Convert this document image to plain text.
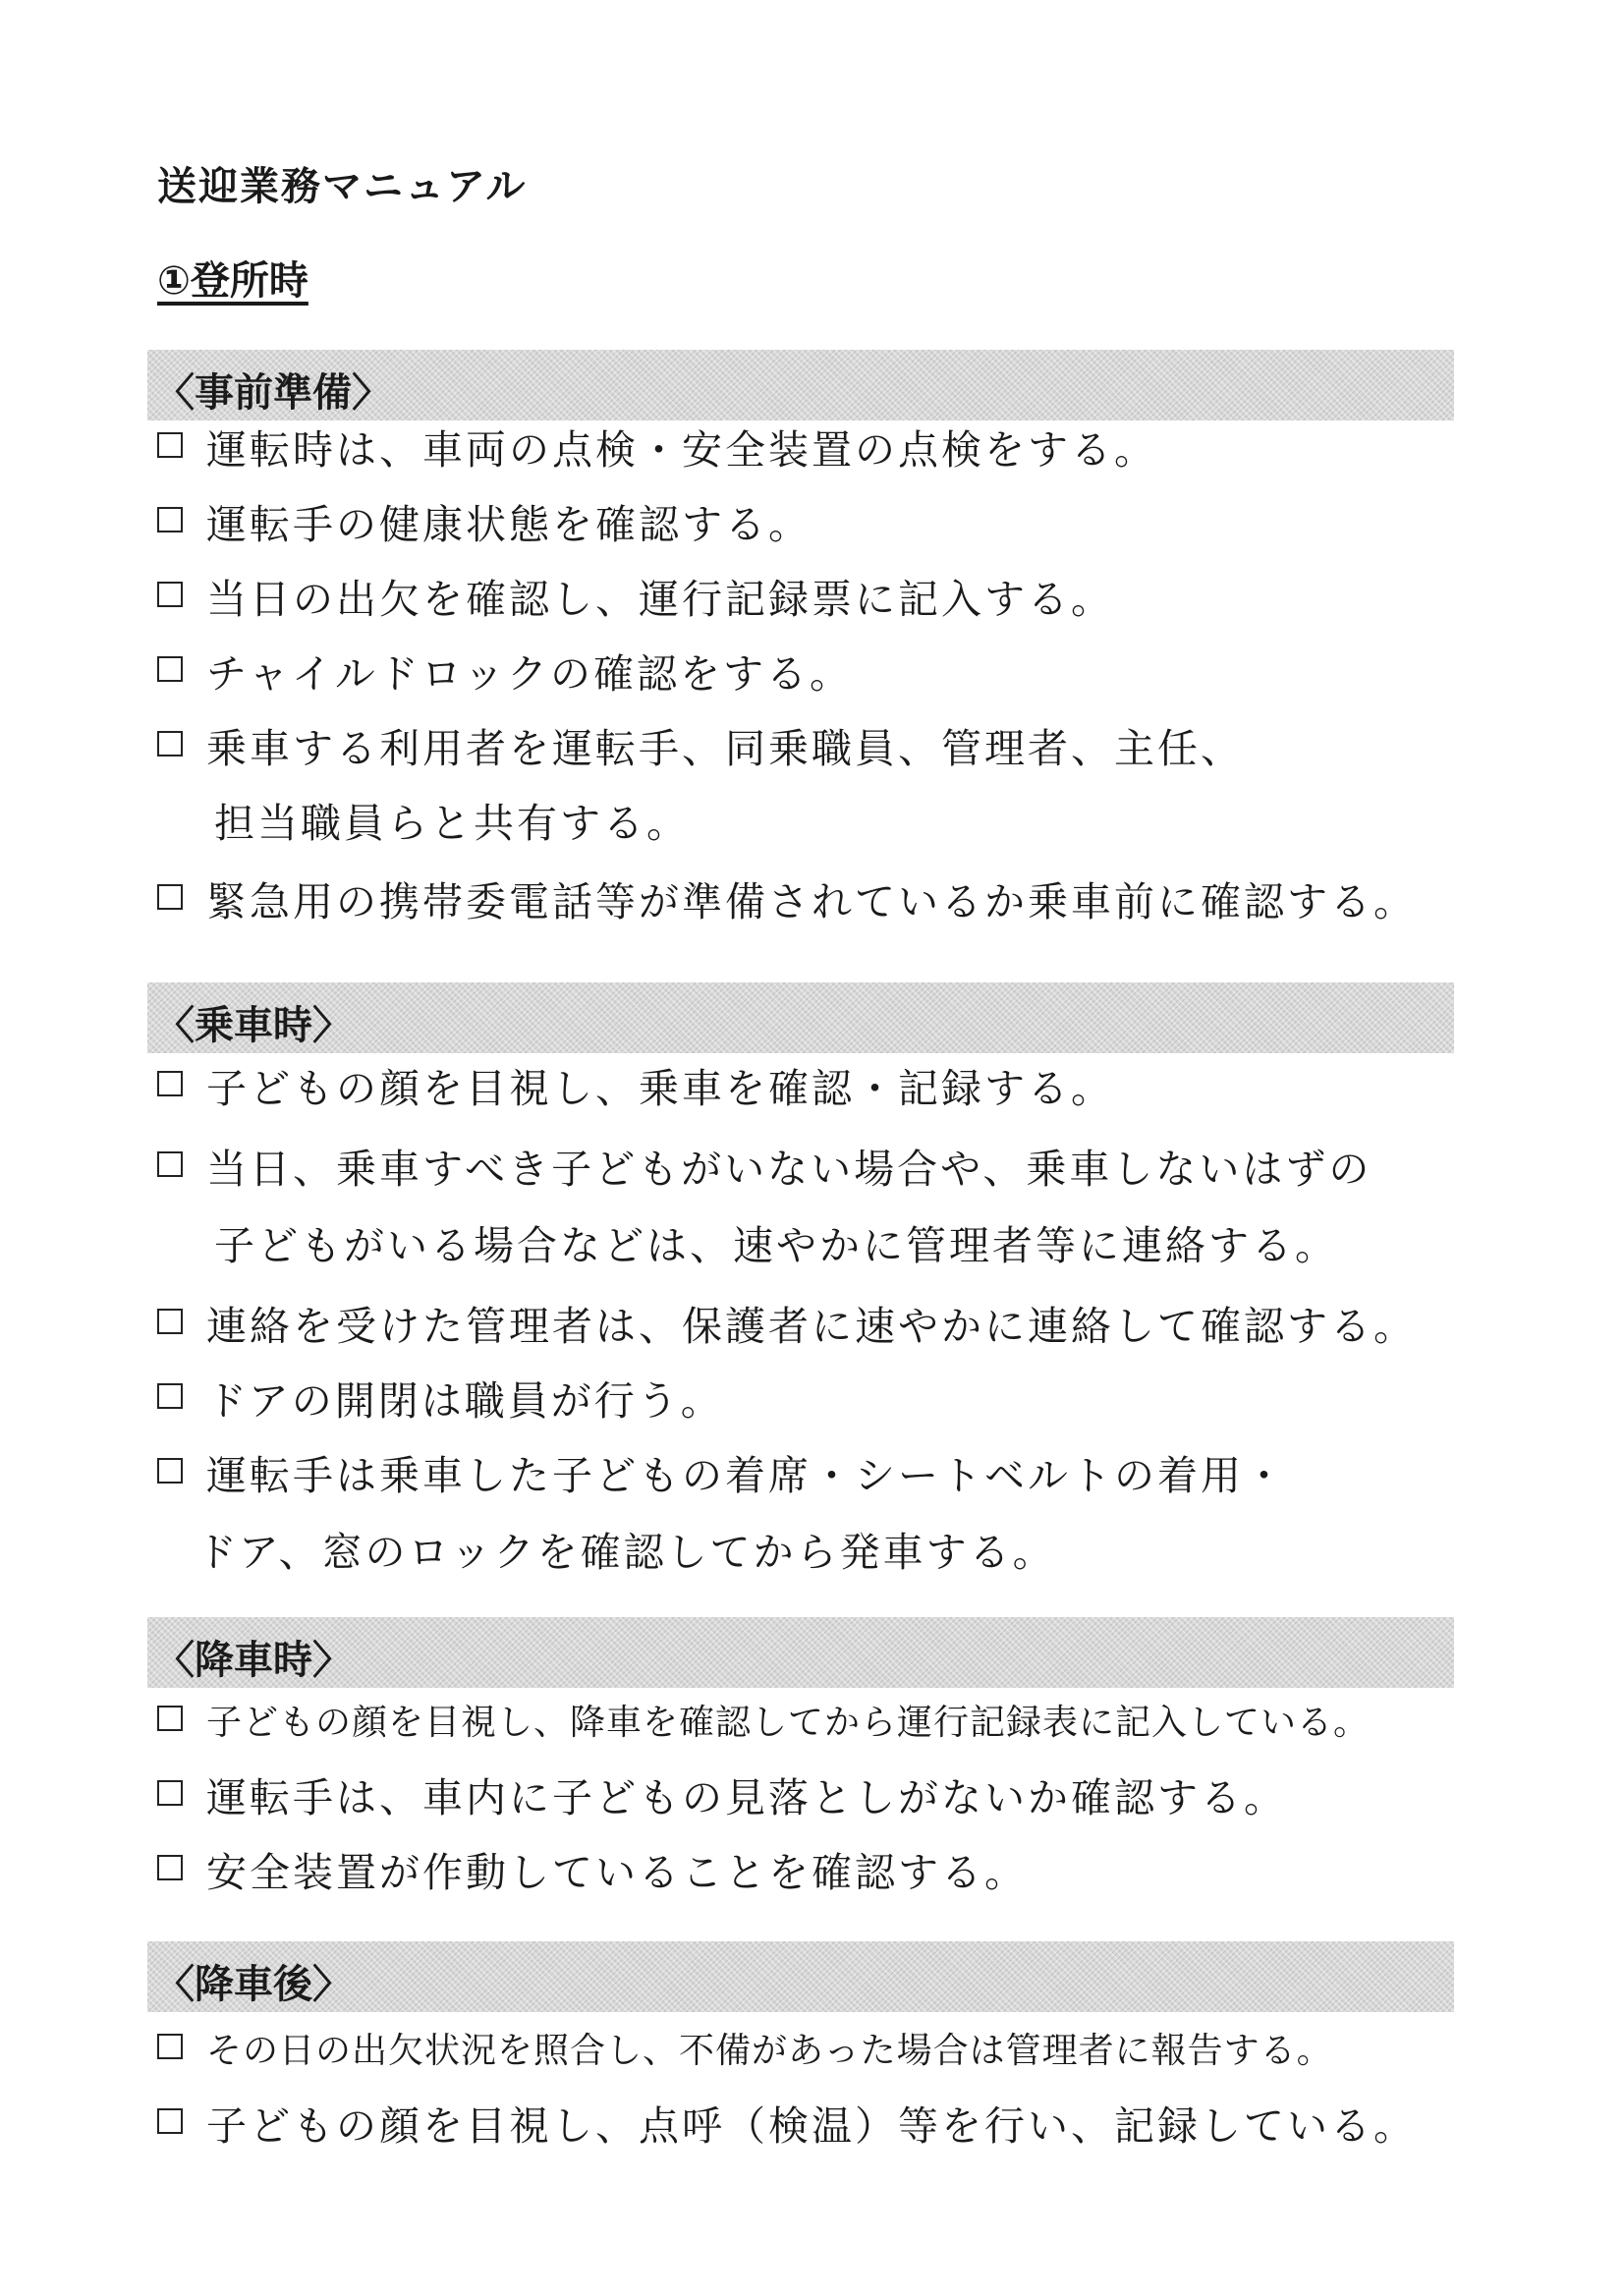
送迎業務マニュアル
①登所時
〈事前準備〉
運転時は、車両の点検・安全装置の点検をする。
運転手の健康状態を確認する。
当日の出欠を確認し、運行記録票に記入する。
チャイルドロックの確認をする。
乗車する利用者を運転手、同乗職員、管理者、主任、
担当職員らと共有する。
緊急用の携帯委電話等が準備されているか乗車前に確認する。
〈乗車時〉
子どもの顔を目視し、乗車を確認・記録する。
当日、乗車すべき子どもがいない場合や、乗車しないはずの
子どもがいる場合などは、速やかに管理者等に連絡する。
連絡を受けた管理者は、保護者に速やかに連絡して確認する。
ドアの開閉は職員が行う。
運転手は乗車した子どもの着席・シートベルトの着用・
ドア、窓のロックを確認してから発車する。
〈降車時〉
子どもの顔を目視し、降車を確認してから運行記録表に記入している。
運転手は、車内に子どもの見落としがないか確認する。
安全装置が作動していることを確認する。
〈降車後〉
その日の出欠状況を照合し、不備があった場合は管理者に報告する。
子どもの顔を目視し、点呼（検温）等を行い、記録している。
